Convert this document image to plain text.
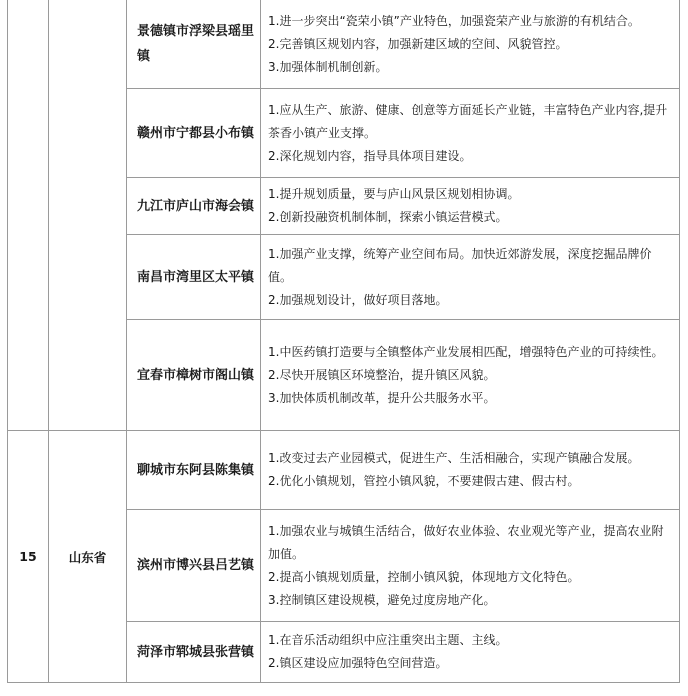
		景德镇市浮梁县瑶里镇	1.进一步突出“瓷荣小镇”产业特色，加强瓷荣产业与旅游的有机结合。
2.完善镇区规划内容，加强新建区域的空间、风貌管控。
3.加强体制机制创新。

		赣州市宁都县小布镇	1.应从生产、旅游、健康、创意等方面延长产业链，丰富特色产业内容,提升茶香小镇产业支撑。
2.深化规划内容，指导具体项目建设。

		九江市庐山市海会镇	1.提升规划质量，要与庐山风景区规划相协调。
2.创新投融资机制体制，探索小镇运营模式。

		南昌市湾里区太平镇	1.加强产业支撑，统筹产业空间布局。加快近郊游发展，深度挖掘品牌价值。
2.加强规划设计，做好项目落地。

		宜春市樟树市阁山镇	1.中医药镇打造要与全镇整体产业发展相匹配，增强特色产业的可持续性。
2.尽快开展镇区环境整治，提升镇区风貌。
3.加快体质机制改革，提升公共服务水平。

15	山东省	聊城市东阿县陈集镇	1.改变过去产业园模式，促进生产、生活相融合，实现产镇融合发展。
2.优化小镇规划，管控小镇风貌，不要建假古建、假古村。

		滨州市博兴县吕艺镇	1.加强农业与城镇生活结合，做好农业体验、农业观光等产业，提高农业附加值。
2.提高小镇规划质量，控制小镇风貌，体现地方文化特色。
3.控制镇区建设规模，避免过度房地产化。

		菏泽市郓城县张营镇	1.在音乐活动组织中应注重突出主题、主线。
2.镇区建设应加强特色空间营造。
